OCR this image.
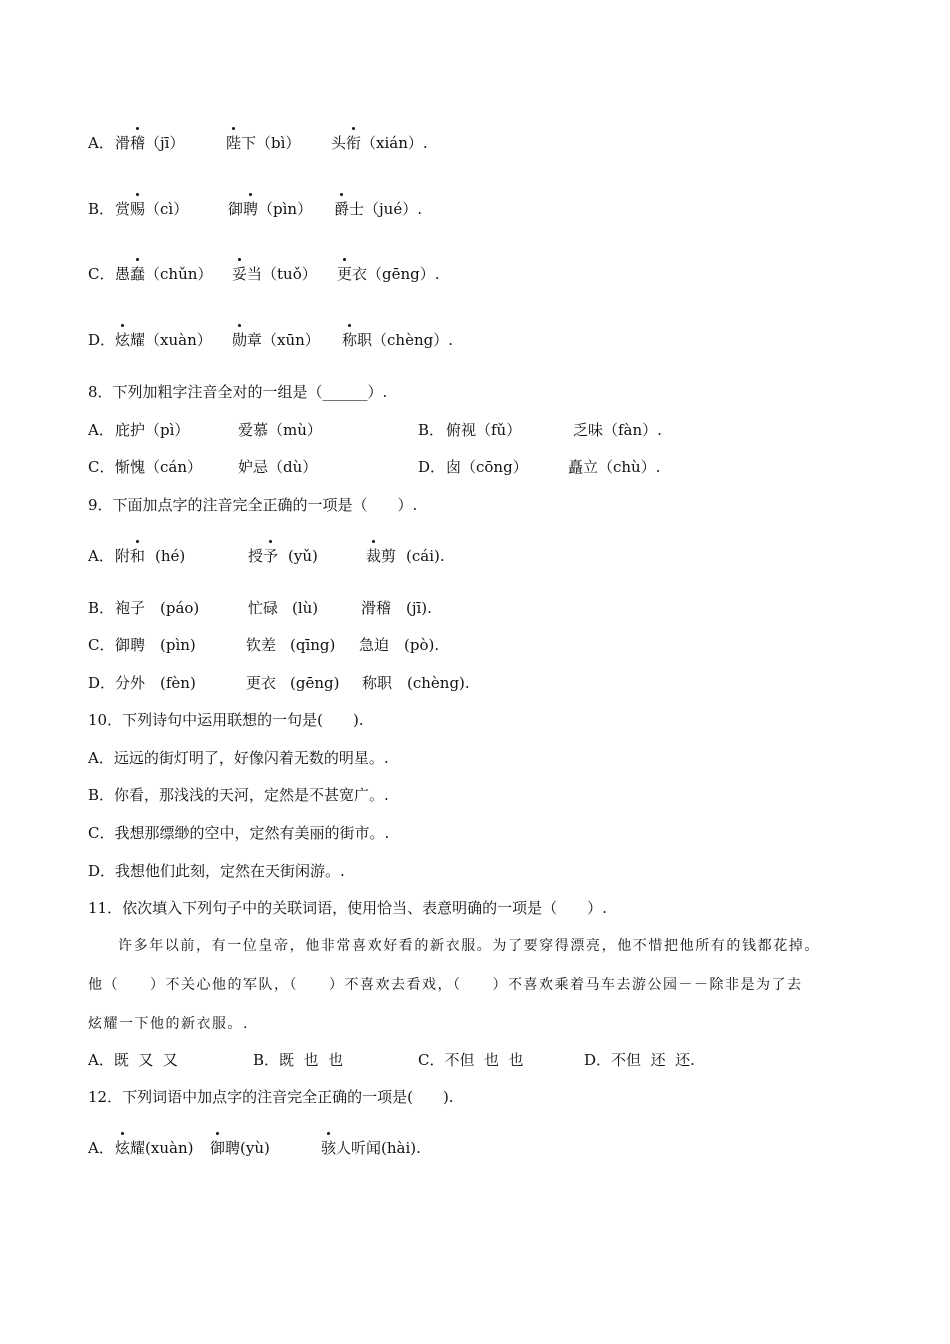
A． 滑稽（jī）	陛下（bì） 头衔（xián）.
B． 赏赐（cì）	御聘（pìn） 爵士（jué）.
C． 愚蠢（chǔn） 妥当（tuǒ） 更衣（gēng）.
D． 炫耀（xuàn） 勋章（xūn） 称职（chèng）.
8．下列加粗字注音全对的一组是（______）.
A． 庇护（pì）	爱慕（mù）	B． 俯视（fǔ）	乏味（fàn）.
C． 惭愧（cán） 妒忌（dù）	D． 囱（cōng）	矗立（chù）.
9．下面加点字的注音完全正确的一项是（　　）.
A． 附和 (hé)	授予 (yǔ)	裁剪 (cái).
B． 袍子 (páo)	忙碌 (lù)	滑稽 (jī).
C． 御聘 (pìn)	钦差 (qīng) 急迫 (pò).
D． 分外 (fèn)	更衣 (gēng) 称职 (chèng).
10．下列诗句中运用联想的一句是(　　).
A．远远的街灯明了，好像闪着无数的明星。.
B．你看，那浅浅的天河，定然是不甚宽广。.
C．我想那缥缈的空中，定然有美丽的街市。.
D．我想他们此刻，定然在天街闲游。.
11．依次填入下列句子中的关联词语，使用恰当、表意明确的一项是（　　）.
许多年以前，有一位皇帝，他非常喜欢好看的新衣服。为了要穿得漂亮，他不惜把他所有的钱都花掉。
他（　　）不关心他的军队，（　　）不喜欢去看戏，（　　）不喜欢乘着马车去游公园－－除非是为了去
炫耀一下他的新衣服。.
A．既  又  又	B．既  也  也	C．不但  也  也	D．不但  还  还.
12．下列词语中加点字的注音完全正确的一项是(　　).
A． 炫耀(xuàn) 御聘(yù)	骇人听闻(hài).
